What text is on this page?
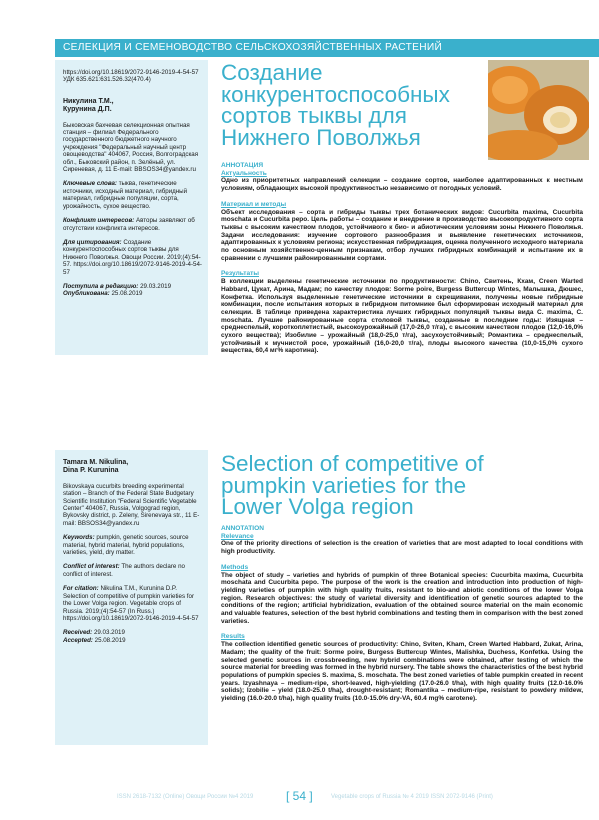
СЕЛЕКЦИЯ И СЕМЕНОВОДСТВО СЕЛЬСКОХОЗЯЙСТВЕННЫХ РАСТЕНИЙ

https://doi.org/10.18619/2072-9146-2019-4-54-57

УДК 635.621:631.526.32(470.4)

Никулина Т.М.,
Курунина Д.П.

Быковская бахчевая селекционная опытная станция – филиал Федерального государственного бюджетного научного учреждения "Федеральный научный центр овощеводства" 404067, Россия, Волгоградская обл., Быковский район, п. Зелёный, ул. Сиреневая, д. 11 E-mail: BBSOS34@yandex.ru

Ключевые слова: тыква, генетические источники, исходный материал, гибридный материал, гибридные популяции, сорта, урожайность, сухое вещество.

Конфликт интересов: Авторы заявляют об отсутствии конфликта интересов.

Для цитирования: Создание конкурентоспособных сортов тыквы для Нижнего Поволжья. Овощи России. 2019;(4):54-57. https://doi.org/10.18619/2072-9146-2019-4-54-57

Поступила в редакцию: 29.03.2019

Опубликована: 25.08.2019

Создание конкурентоспособных сортов тыквы для Нижнего Поволжья

АННОТАЦИЯ

Актуальность

Одно из приоритетных направлений селекции – создание сортов, наиболее адаптированных к местным условиям, обладающих высокой продуктивностью независимо от погодных условий.

Материал и методы

Объект исследования – сорта и гибриды тыквы трех ботанических видов: Cucurbita maxima, Cucurbita moschata и Cucurbita pepo. Цель работы – создание и внедрение в производство высокопродуктивного сорта тыквы с высоким качеством плодов, устойчивого к био- и абиотическим условиям зоны Нижнего Поволжья. Задачи исследования: изучение сортового разнообразия и выявление генетических источников, адаптированных к условиям региона; искусственная гибридизация, оценка полученного исходного материала по основным хозяйственно-ценным признакам, отбор лучших гибридных комбинаций и испытание их в сравнении с лучшими районированными сортами.

Результаты

В коллекции выделены генетические источники по продуктивности: Chino, Свитень, Кхам, Creen Warted Habbard, Цукат, Арина, Мадам; по качеству плодов: Sorme poire, Burgess Buttercup Wintes, Малышка, Дюшес, Конфетка. Используя выделенные генетические источники в скрещивании, получены новые гибридные комбинации, после испытания которых в гибридном питомнике был сформирован исходный материал для селекции. В таблице приведена характеристика лучших гибридных популяций тыквы вида C. maxima, C. moschata. Лучшие районированные сорта столовой тыквы, созданные в последние годы: Изящная – среднеспелый, короткоплетистый, высокоурожайный (17,0-26,0 т/га), с высоким качеством плодов (12,0-16,0% сухого вещества); Изобилие – урожайный (18,0-25,0 т/га), засухоустойчивый; Романтика – среднеспелый, устойчивый к мучнистой росе, урожайный (16,0-20,0 т/га), плоды высокого качества (10,0-15,0% сухого вещества, 60,4 мг% каротина).

Tamara M. Nikulina,
Dina P. Kurunina

Bikovskaya cucurbits breeding experimental station – Branch of the Federal State Budgetary Scientific Institution "Federal Scientific Vegetable Center" 404067, Russia, Volgograd region, Bykovsky district, p. Zeleny, Sirenevaya str., 11 E-mail: BBSOS34@yandex.ru

Keywords: pumpkin, genetic sources, source material, hybrid material, hybrid populations, varieties, yield, dry matter.

Conflict of interest: The authors declare no conflict of interest.

For citation: Nikulina T.M., Kurunina D.P. Selection of competitive of pumpkin varieties for the Lower Volga region. Vegetable crops of Russia. 2019;(4):54-57 (In Russ.) https://doi.org/10.18619/2072-9146-2019-4-54-57

Received: 29.03.2019

Accepted: 25.08.2019

Selection of competitive of pumpkin varieties for the Lower Volga region

ANNOTATION

Relevance

One of the priority directions of selection is the creation of varieties that are most adapted to local conditions with high productivity.

Methods

The object of study – varieties and hybrids of pumpkin of three Botanical species: Cucurbita maxima, Cucurbita moschata and Cucurbita pepo. The purpose of the work is the creation and introduction into production of high-yielding varieties of pumpkin with high quality fruits, resistant to bio-and abiotic conditions of the lower Volga region. Research objectives: the study of varietal diversity and identification of genetic sources adapted to the conditions of the region; artificial hybridization, evaluation of the obtained source material on the main economic and valuable features, selection of the best hybrid combinations and testing them in comparison with the best zoned varieties.

Results

The collection identified genetic sources of productivity: Chino, Sviten, Kham, Creen Warted Habbard, Zukat, Arina, Madam; the quality of the fruit: Sorme poire, Burgess Buttercup Wintes, Malishka, Duchess, Konfetka. Using the selected genetic sources in crossbreeding, new hybrid combinations were obtained, after testing of which the source material for breeding was formed in the hybrid nursery. The table shows the characteristics of the best hybrid populations of pumpkin species S. maxima, S. moschata. The best zoned varieties of table pumpkin created in recent years. Izyashnaya – medium-ripe, short-leaved, high-yielding (17.0-26.0 t/ha), with high quality fruits (12.0-16.0% solids); Izobilie – yield (18.0-25.0 t/ha), drought-resistant; Romantika – medium-ripe, resistant to powdery mildew, yielding (16.0-20.0 t/ha), high quality fruits (10.0-15.0% dry-VA, 60.4 mg% carotene).

ISSN 2618-7132 (Online) Овощи России №4 2019	[ 54 ]	Vegetable crops of Russia № 4 2019 ISSN 2072-9146 (Print)
